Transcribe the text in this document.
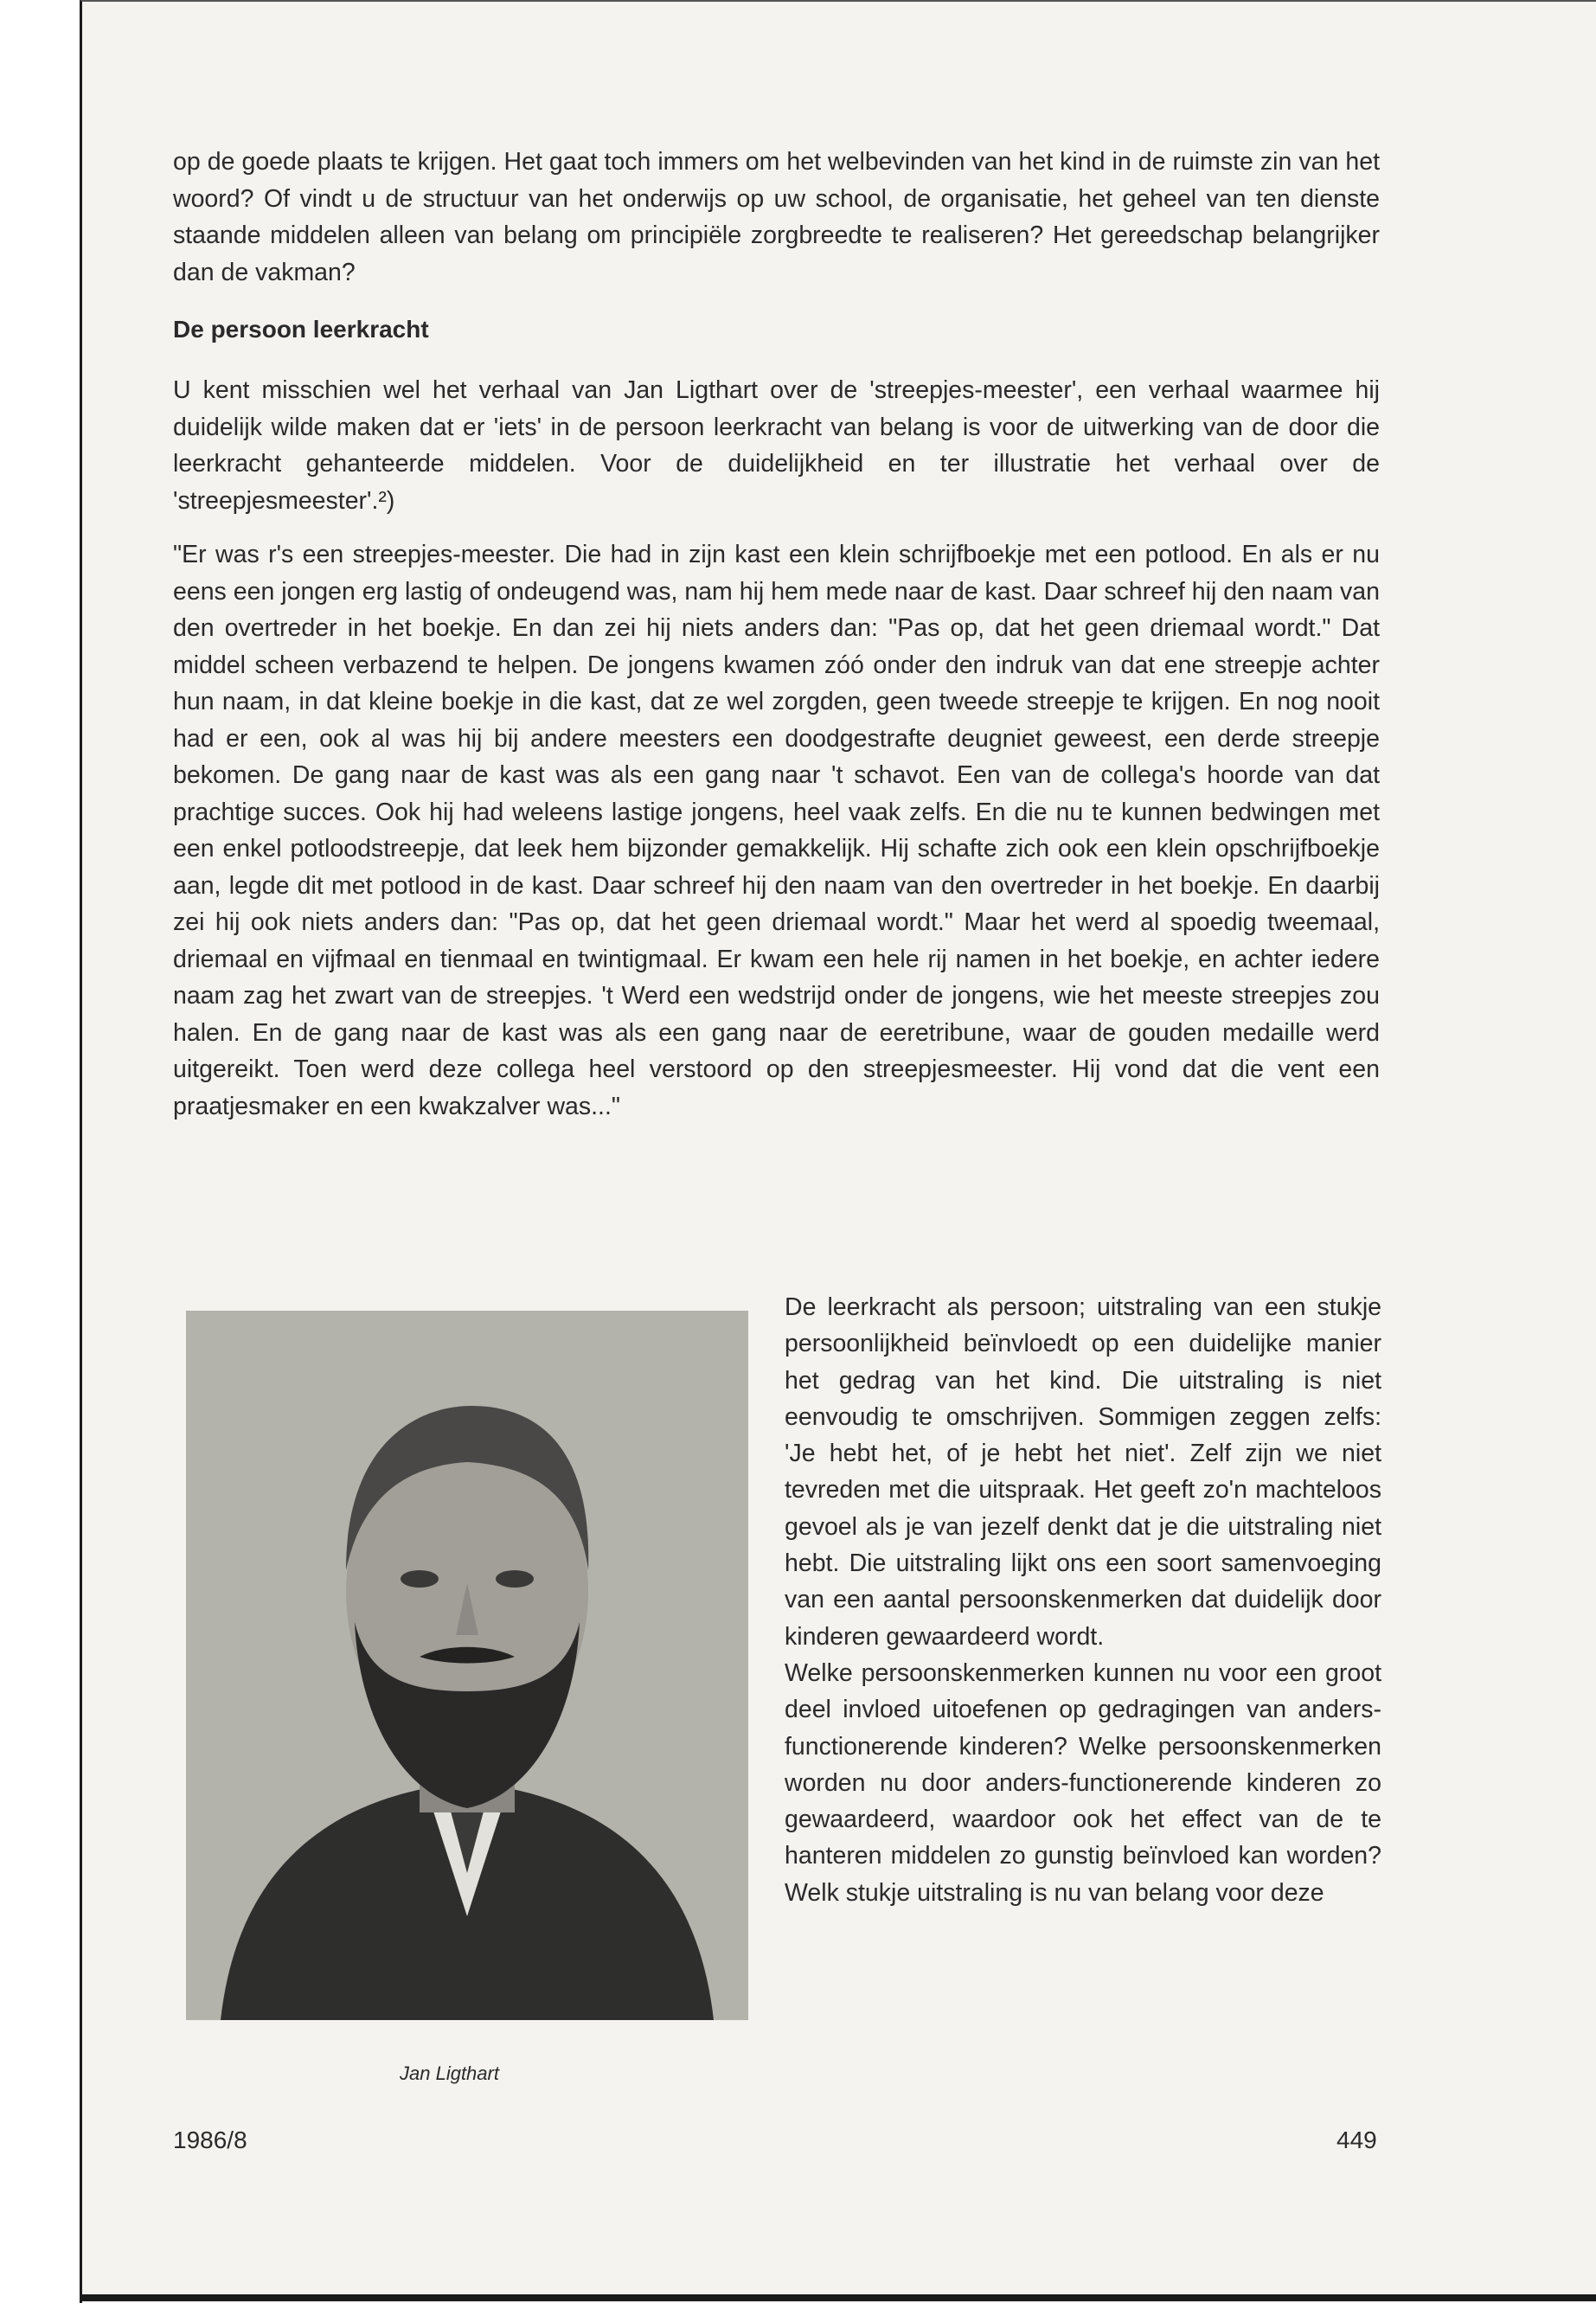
op de goede plaats te krijgen. Het gaat toch immers om het welbevinden van het kind in de ruimste zin van het woord? Of vindt u de structuur van het onderwijs op uw school, de organisatie, het geheel van ten dienste staande middelen alleen van belang om principiële zorgbreedte te realiseren? Het gereedschap belangrijker dan de vakman?

De persoon leerkracht

U kent misschien wel het verhaal van Jan Ligthart over de 'streepjes-meester', een verhaal waarmee hij duidelijk wilde maken dat er 'iets' in de persoon leerkracht van belang is voor de uitwerking van de door die leerkracht gehanteerde middelen. Voor de duidelijkheid en ter illustratie het verhaal over de 'streepjesmeester'.²)

"Er was r's een streepjes-meester. Die had in zijn kast een klein schrijfboekje met een potlood. En als er nu eens een jongen erg lastig of ondeugend was, nam hij hem mede naar de kast. Daar schreef hij den naam van den overtreder in het boekje. En dan zei hij niets anders dan: "Pas op, dat het geen driemaal wordt." Dat middel scheen verbazend te helpen. De jongens kwamen zóó onder den indruk van dat ene streepje achter hun naam, in dat kleine boekje in die kast, dat ze wel zorgden, geen tweede streepje te krijgen. En nog nooit had er een, ook al was hij bij andere meesters een doodgestrafte deugniet geweest, een derde streepje bekomen. De gang naar de kast was als een gang naar 't schavot. Een van de collega's hoorde van dat prachtige succes. Ook hij had weleens lastige jongens, heel vaak zelfs. En die nu te kunnen bedwingen met een enkel potloodstreepje, dat leek hem bijzonder gemakkelijk. Hij schafte zich ook een klein opschrijfboekje aan, legde dit met potlood in de kast. Daar schreef hij den naam van den overtreder in het boekje. En daarbij zei hij ook niets anders dan: "Pas op, dat het geen driemaal wordt." Maar het werd al spoedig tweemaal, driemaal en vijfmaal en tienmaal en twintigmaal. Er kwam een hele rij namen in het boekje, en achter iedere naam zag het zwart van de streepjes. 't Werd een wedstrijd onder de jongens, wie het meeste streepjes zou halen. En de gang naar de kast was als een gang naar de eeretribune, waar de gouden medaille werd uitgereikt. Toen werd deze collega heel verstoord op den streepjesmeester. Hij vond dat die vent een praatjesmaker en een kwakzalver was..."

Jan Ligthart

De leerkracht als persoon; uitstraling van een stukje persoonlijkheid beïnvloedt op een duidelijke manier het gedrag van het kind. Die uitstraling is niet eenvoudig te omschrijven. Sommigen zeggen zelfs: 'Je hebt het, of je hebt het niet'. Zelf zijn we niet tevreden met die uitspraak. Het geeft zo'n machteloos gevoel als je van jezelf denkt dat je die uitstraling niet hebt. Die uitstraling lijkt ons een soort samenvoeging van een aantal persoonskenmerken dat duidelijk door kinderen gewaardeerd wordt.

Welke persoonskenmerken kunnen nu voor een groot deel invloed uitoefenen op gedragingen van anders-functionerende kinderen? Welke persoonskenmerken worden nu door anders-functionerende kinderen zo gewaardeerd, waardoor ook het effect van de te hanteren middelen zo gunstig beïnvloed kan worden? Welk stukje uitstraling is nu van belang voor deze

1986/8	449
